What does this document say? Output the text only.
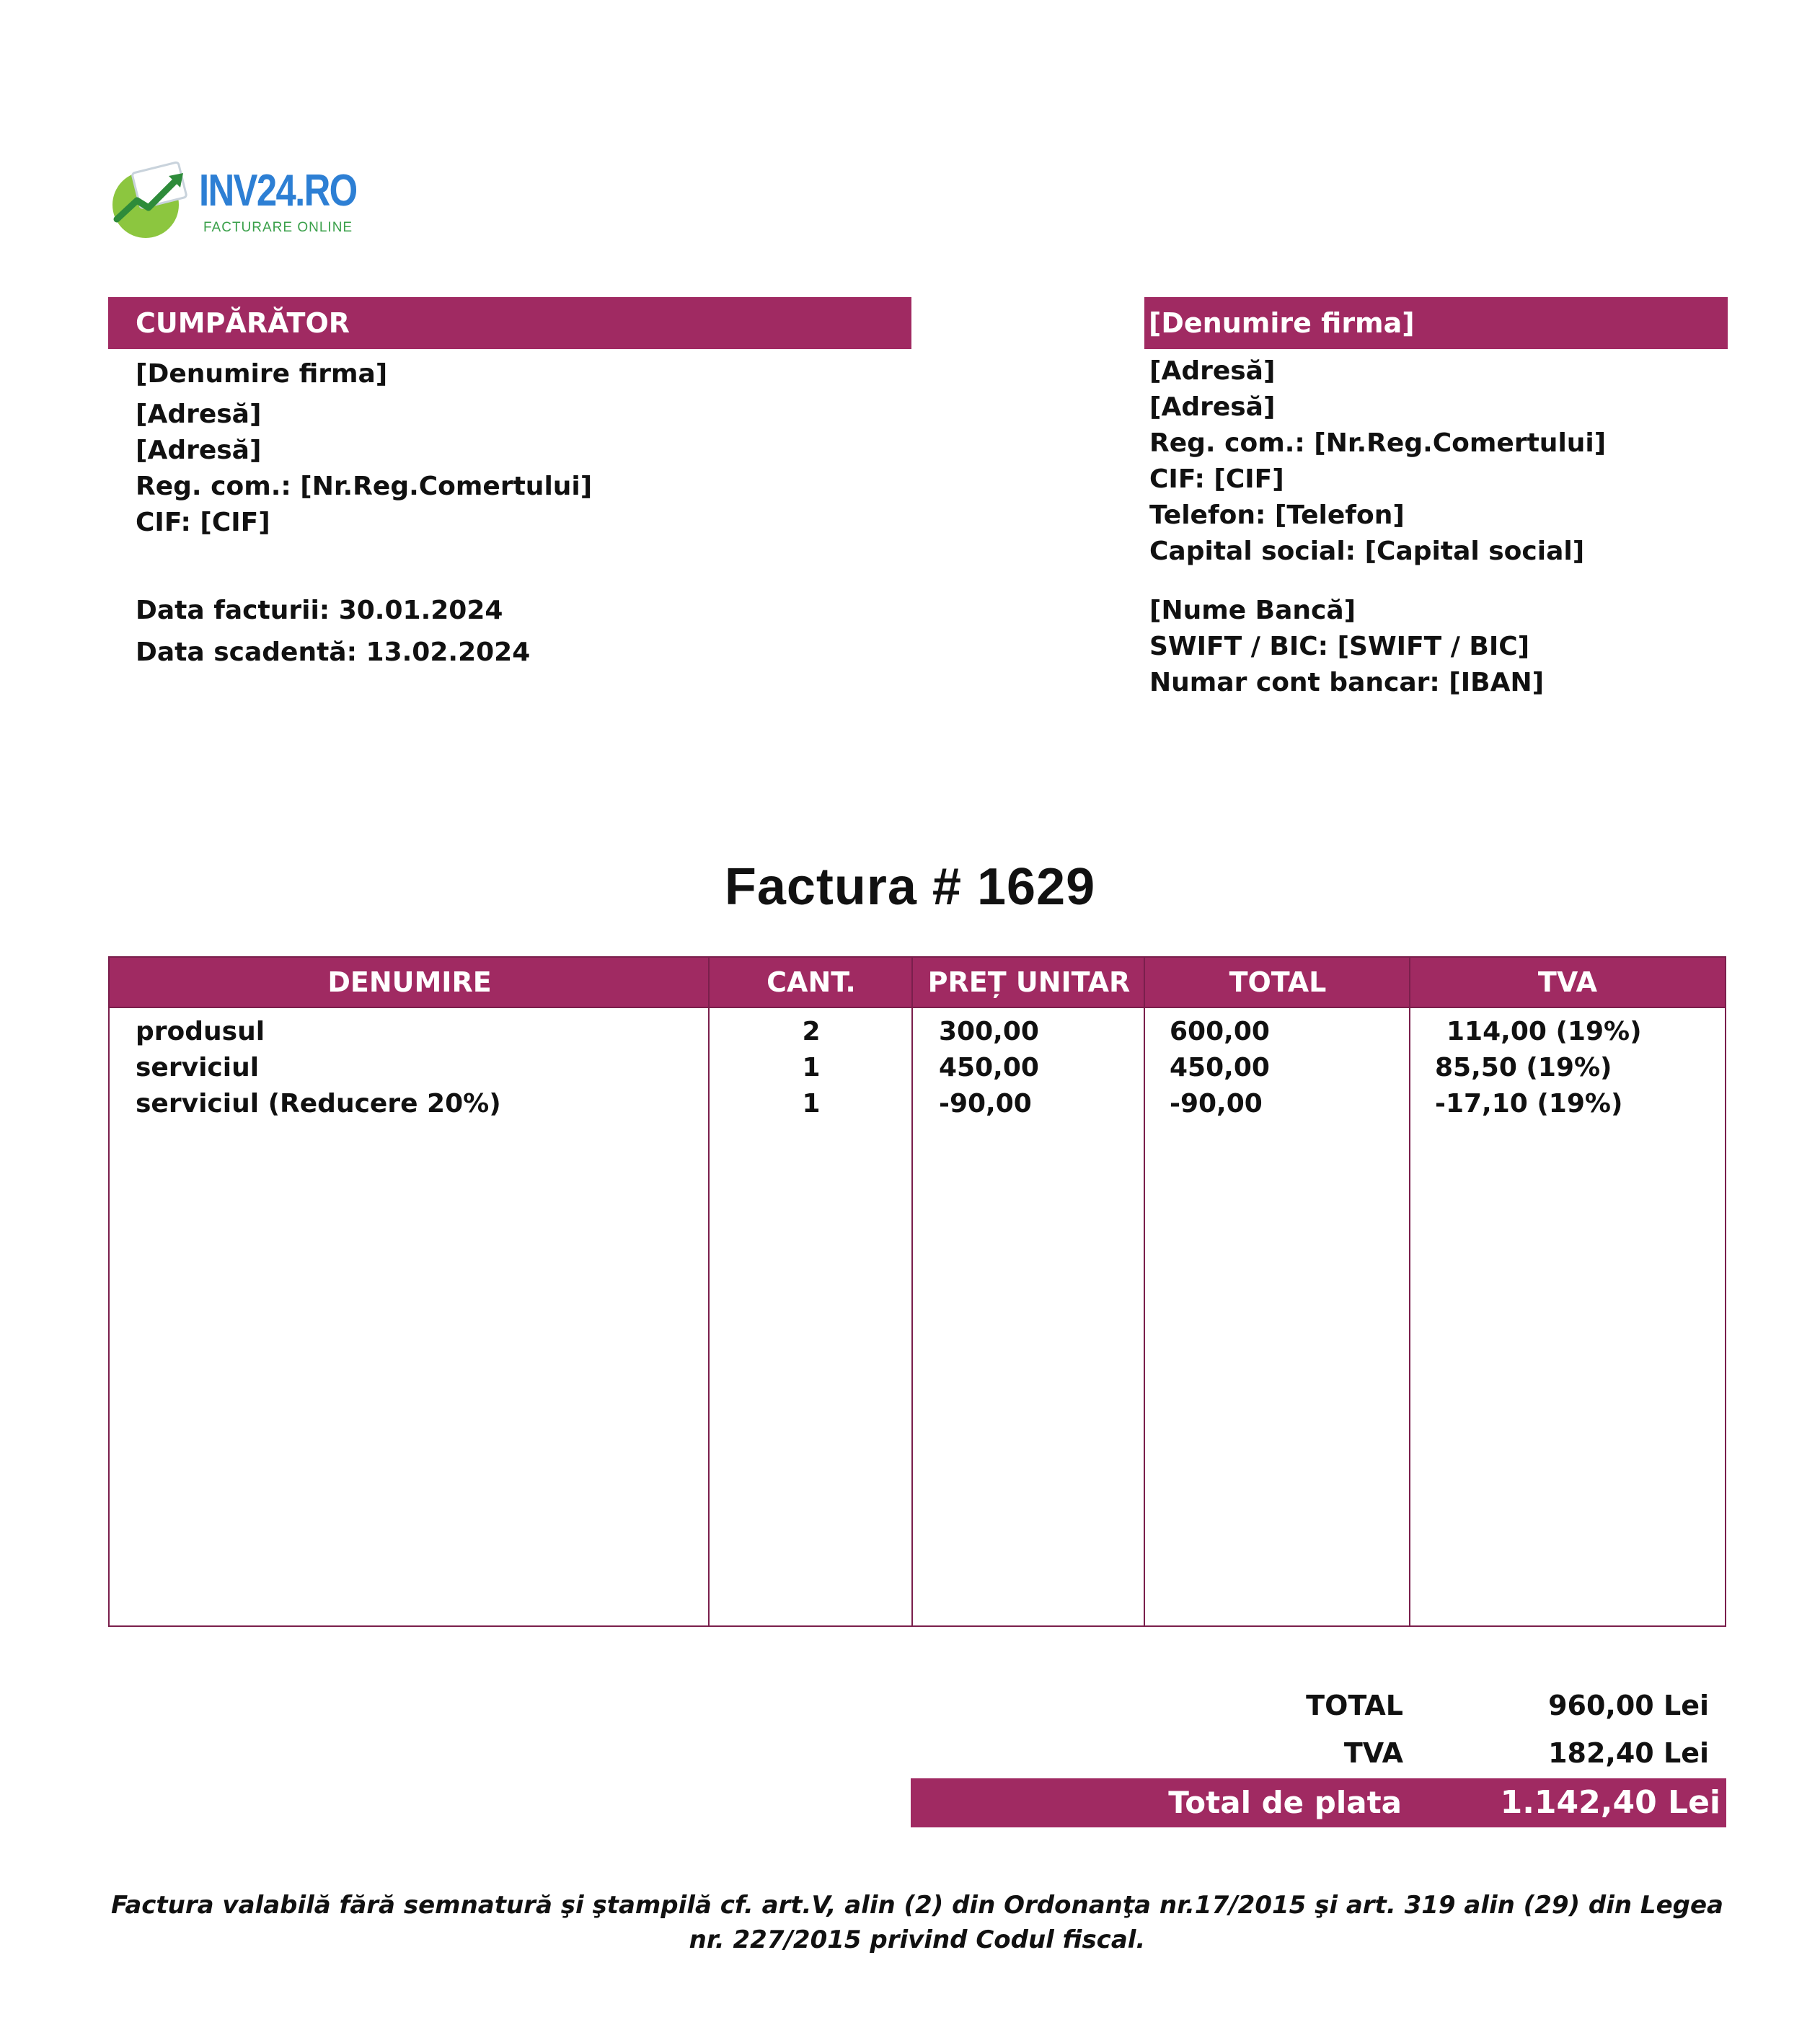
INV24.RO
FACTURARE ONLINE
CUMPĂRĂTOR
[Denumire firma]
[Adresă]
[Adresă]
Reg. com.: [Nr.Reg.Comertului]
CIF: [CIF]
Data facturii: 30.01.2024
Data scadentă: 13.02.2024
[Denumire firma]
[Adresă]
[Adresă]
Reg. com.: [Nr.Reg.Comertului]
CIF: [CIF]
Telefon: [Telefon]
Capital social: [Capital social]
[Nume Bancă]
SWIFT / BIC: [SWIFT / BIC]
Numar cont bancar: [IBAN]
Factura # 1629
DENUMIRE	CANT.	PREȚ UNITAR	TOTAL	TVA
produsul	2	300,00	600,00	114,00 (19%)
serviciul	1	450,00	450,00	85,50 (19%)
serviciul (Reducere 20%)	1	-90,00	-90,00	-17,10 (19%)
TOTAL	960,00 Lei
TVA	182,40 Lei
Total de plata	1.142,40 Lei
Factura valabilă fără semnatură şi ştampilă cf. art.V, alin (2) din Ordonanţa nr.17/2015 şi art. 319 alin (29) din Legea nr. 227/2015 privind Codul fiscal.
